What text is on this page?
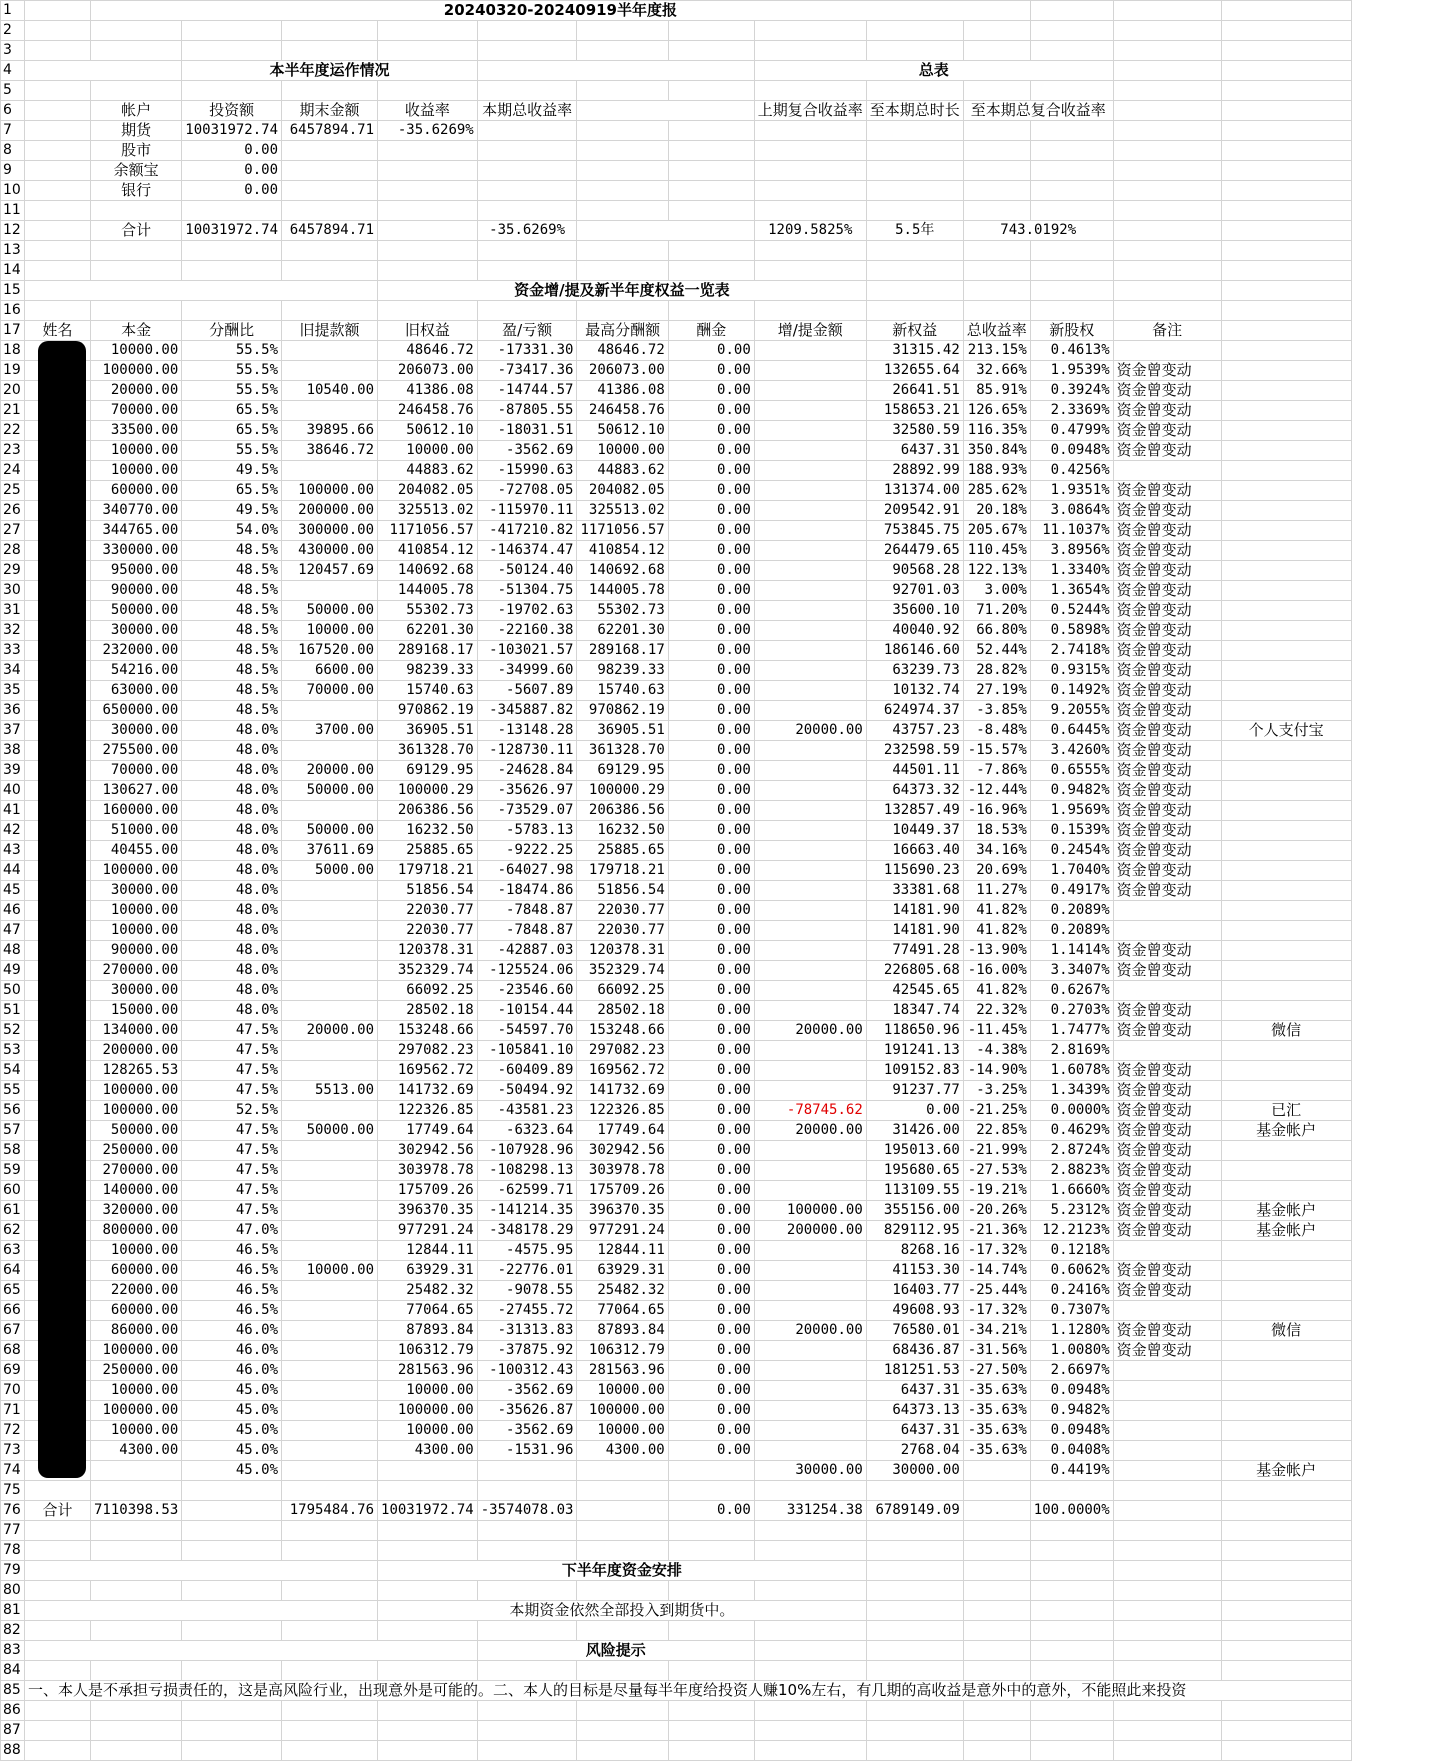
1		20240320-20240919半年度报												
2														
3														
4			本半年度运作情况						总表					
5														
6		帐户	投资额	期末金额	收益率	本期总收益率			上期复合收益率	至本期总时长	至本期总复合收益率			
7		期货	10031972.74	6457894.71	-35.6269%									
8		股市	0.00											
9		余额宝	0.00											
10		银行	0.00											
11														
12		合计	10031972.74	6457894.71		-35.6269%			1209.5825%	5.5年	743.0192%			
13														
14														
15					资金增/提及新半年度权益一览表									
16														
17	姓名	本金	分酬比	旧提款额	旧权益	盈/亏额	最高分酬额	酬金	增/提金额	新权益	总收益率	新股权	备注	
18		10000.00	55.5%		48646.72	-17331.30	48646.72	0.00		31315.42	213.15%	0.4613%		
19		100000.00	55.5%		206073.00	-73417.36	206073.00	0.00		132655.64	32.66%	1.9539%	资金曾变动	
20		20000.00	55.5%	10540.00	41386.08	-14744.57	41386.08	0.00		26641.51	85.91%	0.3924%	资金曾变动	
21		70000.00	65.5%		246458.76	-87805.55	246458.76	0.00		158653.21	126.65%	2.3369%	资金曾变动	
22		33500.00	65.5%	39895.66	50612.10	-18031.51	50612.10	0.00		32580.59	116.35%	0.4799%	资金曾变动	
23		10000.00	55.5%	38646.72	10000.00	-3562.69	10000.00	0.00		6437.31	350.84%	0.0948%	资金曾变动	
24		10000.00	49.5%		44883.62	-15990.63	44883.62	0.00		28892.99	188.93%	0.4256%		
25		60000.00	65.5%	100000.00	204082.05	-72708.05	204082.05	0.00		131374.00	285.62%	1.9351%	资金曾变动	
26		340770.00	49.5%	200000.00	325513.02	-115970.11	325513.02	0.00		209542.91	20.18%	3.0864%	资金曾变动	
27		344765.00	54.0%	300000.00	1171056.57	-417210.82	1171056.57	0.00		753845.75	205.67%	11.1037%	资金曾变动	
28		330000.00	48.5%	430000.00	410854.12	-146374.47	410854.12	0.00		264479.65	110.45%	3.8956%	资金曾变动	
29		95000.00	48.5%	120457.69	140692.68	-50124.40	140692.68	0.00		90568.28	122.13%	1.3340%	资金曾变动	
30		90000.00	48.5%		144005.78	-51304.75	144005.78	0.00		92701.03	3.00%	1.3654%	资金曾变动	
31		50000.00	48.5%	50000.00	55302.73	-19702.63	55302.73	0.00		35600.10	71.20%	0.5244%	资金曾变动	
32		30000.00	48.5%	10000.00	62201.30	-22160.38	62201.30	0.00		40040.92	66.80%	0.5898%	资金曾变动	
33		232000.00	48.5%	167520.00	289168.17	-103021.57	289168.17	0.00		186146.60	52.44%	2.7418%	资金曾变动	
34		54216.00	48.5%	6600.00	98239.33	-34999.60	98239.33	0.00		63239.73	28.82%	0.9315%	资金曾变动	
35		63000.00	48.5%	70000.00	15740.63	-5607.89	15740.63	0.00		10132.74	27.19%	0.1492%	资金曾变动	
36		650000.00	48.5%		970862.19	-345887.82	970862.19	0.00		624974.37	-3.85%	9.2055%	资金曾变动	
37		30000.00	48.0%	3700.00	36905.51	-13148.28	36905.51	0.00	20000.00	43757.23	-8.48%	0.6445%	资金曾变动	个人支付宝
38		275500.00	48.0%		361328.70	-128730.11	361328.70	0.00		232598.59	-15.57%	3.4260%	资金曾变动	
39		70000.00	48.0%	20000.00	69129.95	-24628.84	69129.95	0.00		44501.11	-7.86%	0.6555%	资金曾变动	
40		130627.00	48.0%	50000.00	100000.29	-35626.97	100000.29	0.00		64373.32	-12.44%	0.9482%	资金曾变动	
41		160000.00	48.0%		206386.56	-73529.07	206386.56	0.00		132857.49	-16.96%	1.9569%	资金曾变动	
42		51000.00	48.0%	50000.00	16232.50	-5783.13	16232.50	0.00		10449.37	18.53%	0.1539%	资金曾变动	
43		40455.00	48.0%	37611.69	25885.65	-9222.25	25885.65	0.00		16663.40	34.16%	0.2454%	资金曾变动	
44		100000.00	48.0%	5000.00	179718.21	-64027.98	179718.21	0.00		115690.23	20.69%	1.7040%	资金曾变动	
45		30000.00	48.0%		51856.54	-18474.86	51856.54	0.00		33381.68	11.27%	0.4917%	资金曾变动	
46		10000.00	48.0%		22030.77	-7848.87	22030.77	0.00		14181.90	41.82%	0.2089%		
47		10000.00	48.0%		22030.77	-7848.87	22030.77	0.00		14181.90	41.82%	0.2089%		
48		90000.00	48.0%		120378.31	-42887.03	120378.31	0.00		77491.28	-13.90%	1.1414%	资金曾变动	
49		270000.00	48.0%		352329.74	-125524.06	352329.74	0.00		226805.68	-16.00%	3.3407%	资金曾变动	
50		30000.00	48.0%		66092.25	-23546.60	66092.25	0.00		42545.65	41.82%	0.6267%		
51		15000.00	48.0%		28502.18	-10154.44	28502.18	0.00		18347.74	22.32%	0.2703%	资金曾变动	
52		134000.00	47.5%	20000.00	153248.66	-54597.70	153248.66	0.00	20000.00	118650.96	-11.45%	1.7477%	资金曾变动	微信
53		200000.00	47.5%		297082.23	-105841.10	297082.23	0.00		191241.13	-4.38%	2.8169%		
54		128265.53	47.5%		169562.72	-60409.89	169562.72	0.00		109152.83	-14.90%	1.6078%	资金曾变动	
55		100000.00	47.5%	5513.00	141732.69	-50494.92	141732.69	0.00		91237.77	-3.25%	1.3439%	资金曾变动	
56		100000.00	52.5%		122326.85	-43581.23	122326.85	0.00	-78745.62	0.00	-21.25%	0.0000%	资金曾变动	已汇
57		50000.00	47.5%	50000.00	17749.64	-6323.64	17749.64	0.00	20000.00	31426.00	22.85%	0.4629%	资金曾变动	基金帐户
58		250000.00	47.5%		302942.56	-107928.96	302942.56	0.00		195013.60	-21.99%	2.8724%	资金曾变动	
59		270000.00	47.5%		303978.78	-108298.13	303978.78	0.00		195680.65	-27.53%	2.8823%	资金曾变动	
60		140000.00	47.5%		175709.26	-62599.71	175709.26	0.00		113109.55	-19.21%	1.6660%	资金曾变动	
61		320000.00	47.5%		396370.35	-141214.35	396370.35	0.00	100000.00	355156.00	-20.26%	5.2312%	资金曾变动	基金帐户
62		800000.00	47.0%		977291.24	-348178.29	977291.24	0.00	200000.00	829112.95	-21.36%	12.2123%	资金曾变动	基金帐户
63		10000.00	46.5%		12844.11	-4575.95	12844.11	0.00		8268.16	-17.32%	0.1218%		
64		60000.00	46.5%	10000.00	63929.31	-22776.01	63929.31	0.00		41153.30	-14.74%	0.6062%	资金曾变动	
65		22000.00	46.5%		25482.32	-9078.55	25482.32	0.00		16403.77	-25.44%	0.2416%	资金曾变动	
66		60000.00	46.5%		77064.65	-27455.72	77064.65	0.00		49608.93	-17.32%	0.7307%		
67		86000.00	46.0%		87893.84	-31313.83	87893.84	0.00	20000.00	76580.01	-34.21%	1.1280%	资金曾变动	微信
68		100000.00	46.0%		106312.79	-37875.92	106312.79	0.00		68436.87	-31.56%	1.0080%	资金曾变动	
69		250000.00	46.0%		281563.96	-100312.43	281563.96	0.00		181251.53	-27.50%	2.6697%		
70		10000.00	45.0%		10000.00	-3562.69	10000.00	0.00		6437.31	-35.63%	0.0948%		
71		100000.00	45.0%		100000.00	-35626.87	100000.00	0.00		64373.13	-35.63%	0.9482%		
72		10000.00	45.0%		10000.00	-3562.69	10000.00	0.00		6437.31	-35.63%	0.0948%		
73		4300.00	45.0%		4300.00	-1531.96	4300.00	0.00		2768.04	-35.63%	0.0408%		
74			45.0%						30000.00	30000.00		0.4419%		基金帐户
75														
76	合计	7110398.53		1795484.76	10031972.74	-3574078.03		0.00	331254.38	6789149.09		100.0000%		
77														
78														
79					下半年度资金安排									
80														
81					本期资金依然全部投入到期货中。									
82														
83						风险提示								
84														
85	一、本人是不承担亏损责任的，这是高风险行业，出现意外是可能的。二、本人的目标是尽量每半年度给投资人赚10%左右，有几期的高收益是意外中的意外，不能照此来投资													
86														
87														
88														
